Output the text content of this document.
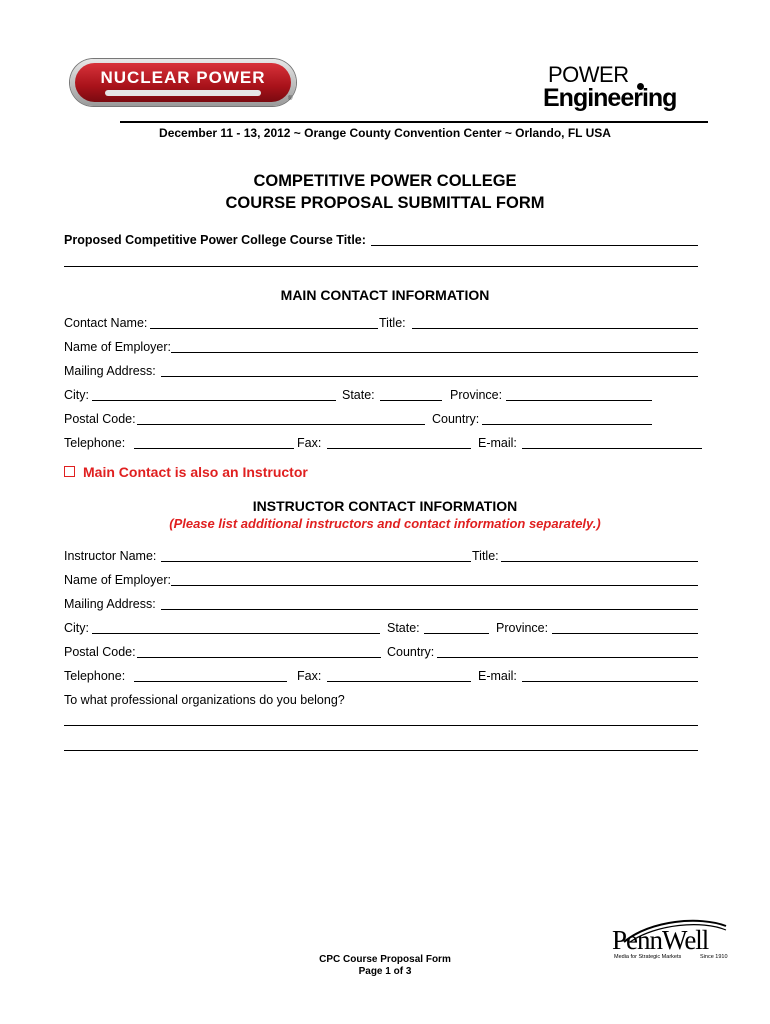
NUCLEAR POWER
®
POWER
Engineering
December 11 - 13, 2012 ~ Orange County Convention Center ~ Orlando, FL USA
COMPETITIVE POWER COLLEGE
COURSE PROPOSAL SUBMITTAL FORM
Proposed Competitive Power College Course Title:
MAIN CONTACT INFORMATION
Contact Name:	Title:
Name of Employer:
Mailing Address:
City:	State:	Province:
Postal Code:	Country:
Telephone:	Fax:	E-mail:
Main Contact is also an Instructor
INSTRUCTOR CONTACT INFORMATION
(Please list additional instructors and contact information separately.)
Instructor Name:	Title:
Name of Employer:
Mailing Address:
City:	State:	Province:
Postal Code:	Country:
Telephone:	Fax:	E-mail:
To what professional organizations do you belong?
PennWell
Media for Strategic Markets	Since 1910
CPC Course Proposal Form
Page 1 of 3
